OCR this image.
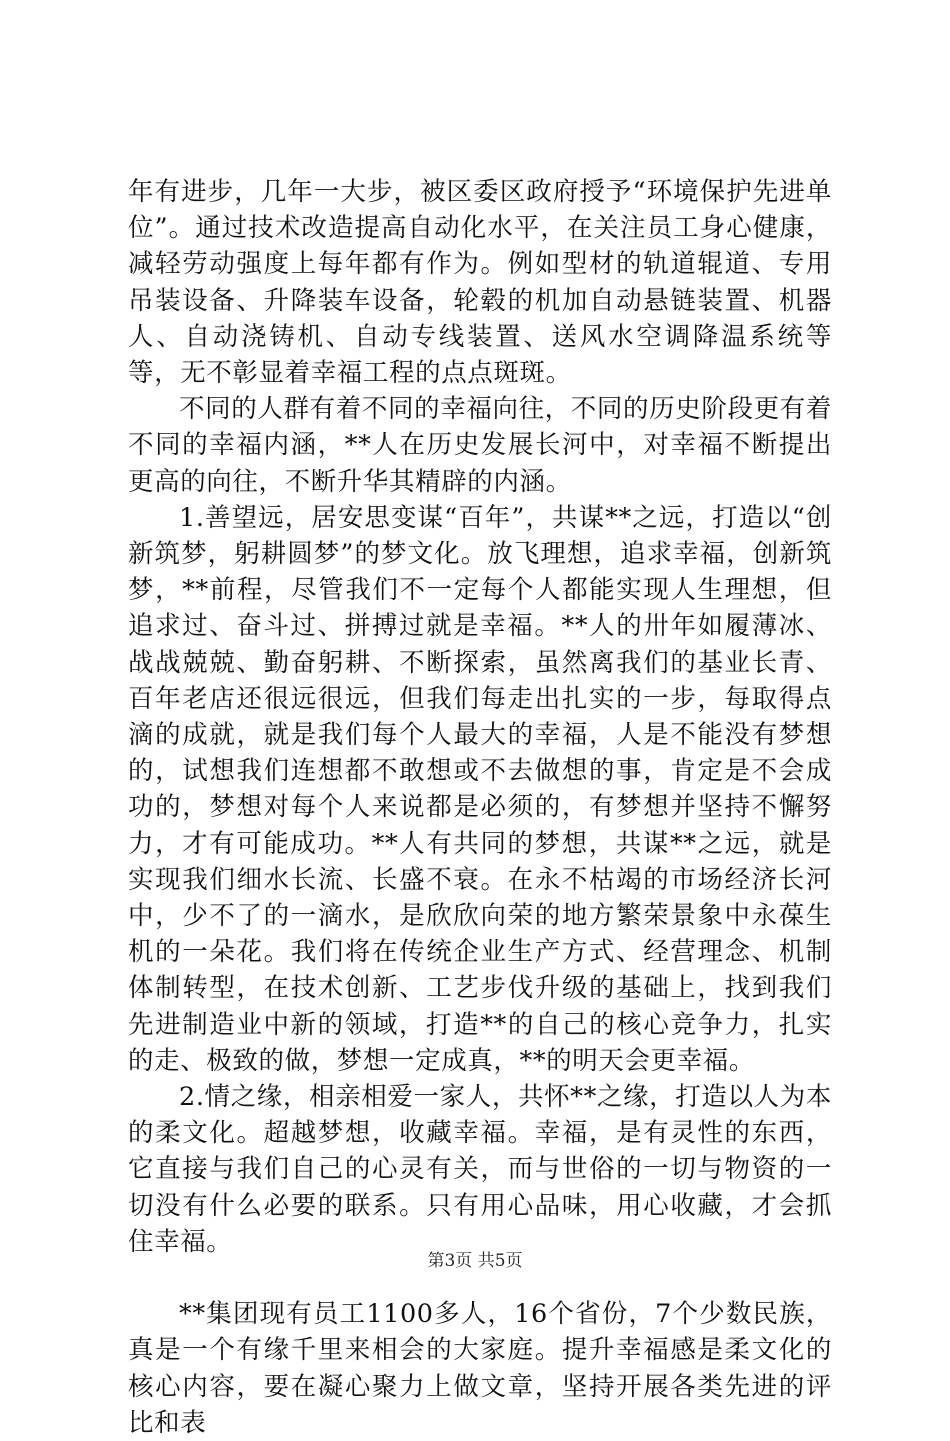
年有进步，几年一大步，被区委区政府授予“环境保护先进单位”。通过技术改造提高自动化水平，在关注员工身心健康，减轻劳动强度上每年都有作为。例如型材的轨道辊道、专用吊装设备、升降装车设备，轮毂的机加自动悬链装置、机器人、自动浇铸机、自动专线装置、送风水空调降温系统等等，无不彰显着幸福工程的点点斑斑。

不同的人群有着不同的幸福向往，不同的历史阶段更有着不同的幸福内涵，**人在历史发展长河中，对幸福不断提出更高的向往，不断升华其精辟的内涵。

1.善望远，居安思变谋“百年”，共谋**之远，打造以“创新筑梦，躬耕圆梦”的梦文化。放飞理想，追求幸福，创新筑梦，**前程，尽管我们不一定每个人都能实现人生理想，但追求过、奋斗过、拼搏过就是幸福。**人的卅年如履薄冰、战战兢兢、勤奋躬耕、不断探索，虽然离我们的基业长青、百年老店还很远很远，但我们每走出扎实的一步，每取得点滴的成就，就是我们每个人最大的幸福，人是不能没有梦想的，试想我们连想都不敢想或不去做想的事，肯定是不会成功的，梦想对每个人来说都是必须的，有梦想并坚持不懈努力，才有可能成功。**人有共同的梦想，共谋**之远，就是实现我们细水长流、长盛不衰。在永不枯竭的市场经济长河中，少不了的一滴水，是欣欣向荣的地方繁荣景象中永葆生机的一朵花。我们将在传统企业生产方式、经营理念、机制体制转型，在技术创新、工艺步伐升级的基础上，找到我们先进制造业中新的领域，打造**的自己的核心竞争力，扎实的走、极致的做，梦想一定成真，**的明天会更幸福。

2.情之缘，相亲相爱一家人，共怀**之缘，打造以人为本的柔文化。超越梦想，收藏幸福。幸福，是有灵性的东西，它直接与我们自己的心灵有关，而与世俗的一切与物资的一切没有什么必要的联系。只有用心品味，用心收藏，才会抓住幸福。

**集团现有员工1100多人，16个省份，7个少数民族，真是一个有缘千里来相会的大家庭。提升幸福感是柔文化的核心内容，要在凝心聚力上做文章，坚持开展各类先进的评比和表

第3页 共5页
